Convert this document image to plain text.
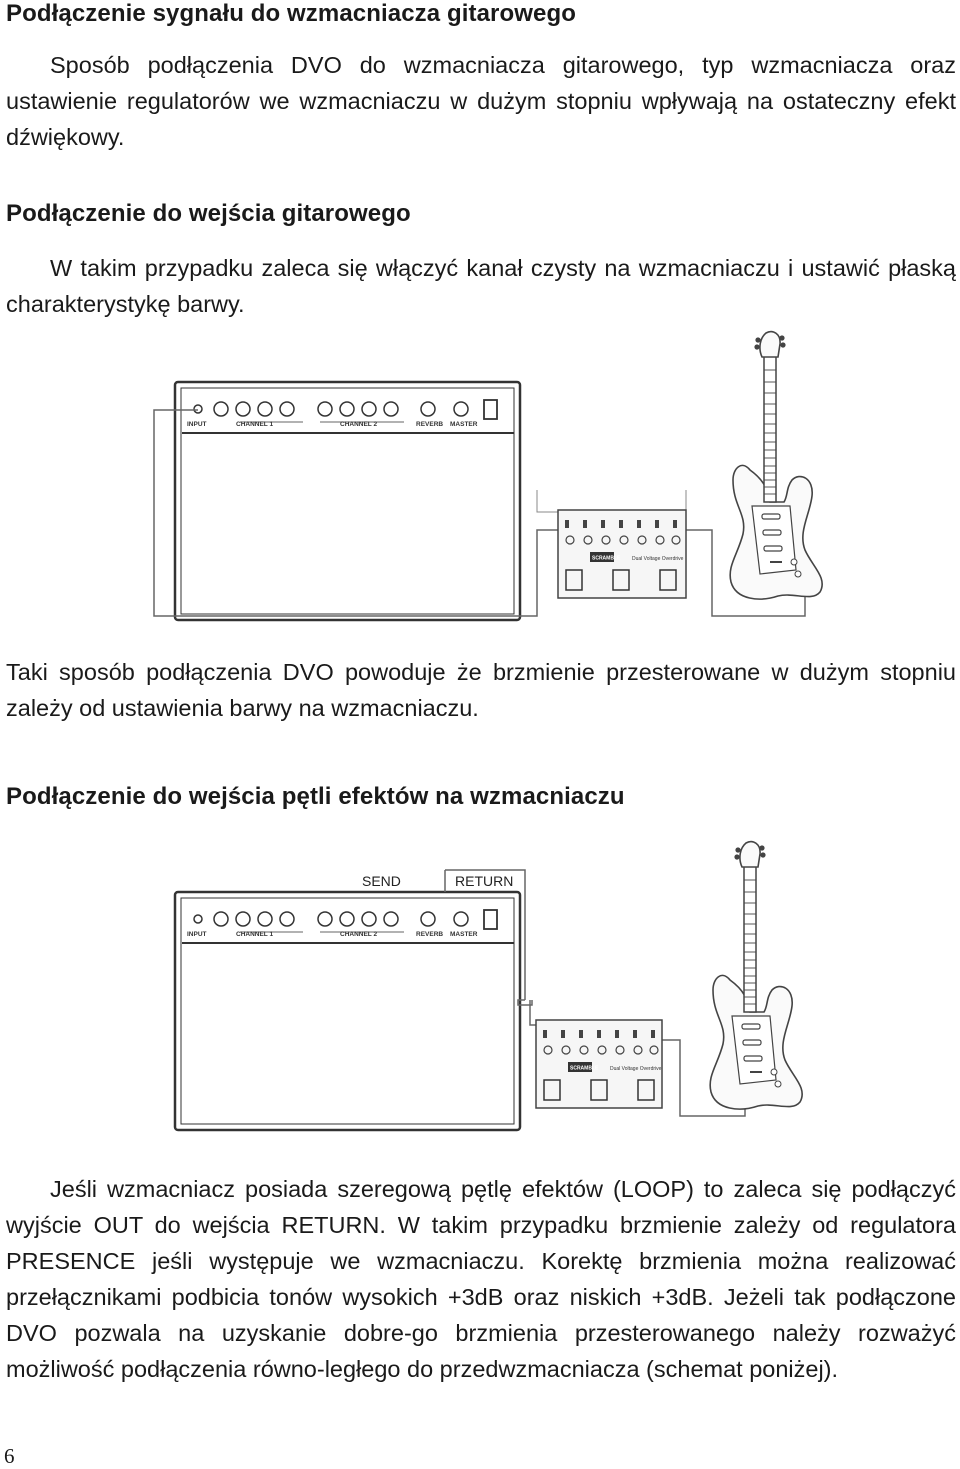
Podłączenie sygnału do wzmacniacza gitarowego

Sposób podłączenia DVO do wzmacniacza gitarowego, typ wzmacniacza oraz ustawienie regulatorów we wzmacniaczu w dużym stopniu wpływają na ostateczny efekt dźwiękowy.

Podłączenie do wejścia gitarowego

W takim przypadku zaleca się włączyć kanał czysty na wzmacniaczu i ustawić płaską charakterystykę barwy.

INPUT	CHANNEL 1	CHANNEL 2	REVERB MASTER
SCRAMBLE Dual Voltage Overdrive

Taki sposób podłączenia DVO powoduje że brzmienie przesterowane w dużym stopniu zależy od ustawienia barwy na wzmacniaczu.

Podłączenie do wejścia pętli efektów na wzmacniaczu
SEND	RETURN
INPUT	CHANNEL 1	CHANNEL 2	REVERB MASTER
SCRAMBLE Dual Voltage Overdrive

Jeśli wzmacniacz posiada szeregową pętlę efektów (LOOP) to zaleca się podłączyć wyjście OUT do wejścia RETURN. W takim przypadku brzmienie zależy od regulatora PRESENCE jeśli występuje we wzmacniaczu. Korektę brzmienia można realizować przełącznikami podbicia tonów wysokich +3dB oraz niskich +3dB. Jeżeli tak podłączone DVO pozwala na uzyskanie dobre-go brzmienia przesterowanego należy rozważyć możliwość podłączenia równo-ległego do przedwzmacniacza (schemat poniżej).

6
